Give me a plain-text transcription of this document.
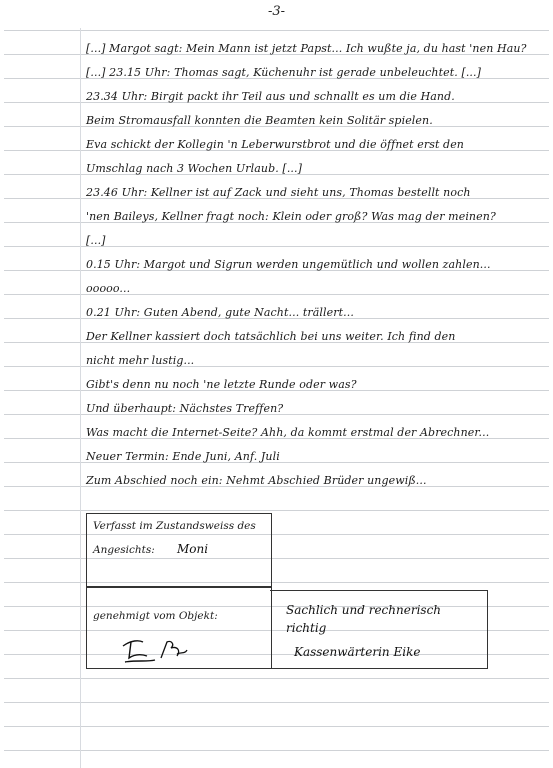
-3-
[...] Margot sagt: Mein Mann ist jetzt Papst... Ich wußte ja, du hast 'nen Hau?
[...] 23.15 Uhr: Thomas sagt, Küchenuhr ist gerade unbeleuchtet. [...]
23.34 Uhr: Birgit packt ihr Teil aus und schnallt es um die Hand.
Beim Stromausfall konnten die Beamten kein Solitär spielen.
Eva schickt der Kollegin 'n Leberwurstbrot und die öffnet erst den
Umschlag nach 3 Wochen Urlaub. [...]
23.46 Uhr: Kellner ist auf Zack und sieht uns, Thomas bestellt noch
'nen Baileys, Kellner fragt noch: Klein oder groß? Was mag der meinen?
[...]
0.15 Uhr: Margot und Sigrun werden ungemütlich und wollen zahlen...
ooooo...
0.21 Uhr: Guten Abend, gute Nacht... trällert...
Der Kellner kassiert doch tatsächlich bei uns weiter. Ich find den
nicht mehr lustig...
Gibt's denn nu noch 'ne letzte Runde oder was?
Und überhaupt: Nächstes Treffen?
Was macht die Internet-Seite? Ahh, da kommt erstmal der Abrechner...
Neuer Termin: Ende Juni, Anf. Juli
Zum Abschied noch ein: Nehmt Abschied Brüder ungewiß...
Verfasst im Zustandsweiss des
Angesichts: Moni
genehmigt vom Objekt:	Sachlich und rechnerisch
richtig
Kassenwärterin Eike
